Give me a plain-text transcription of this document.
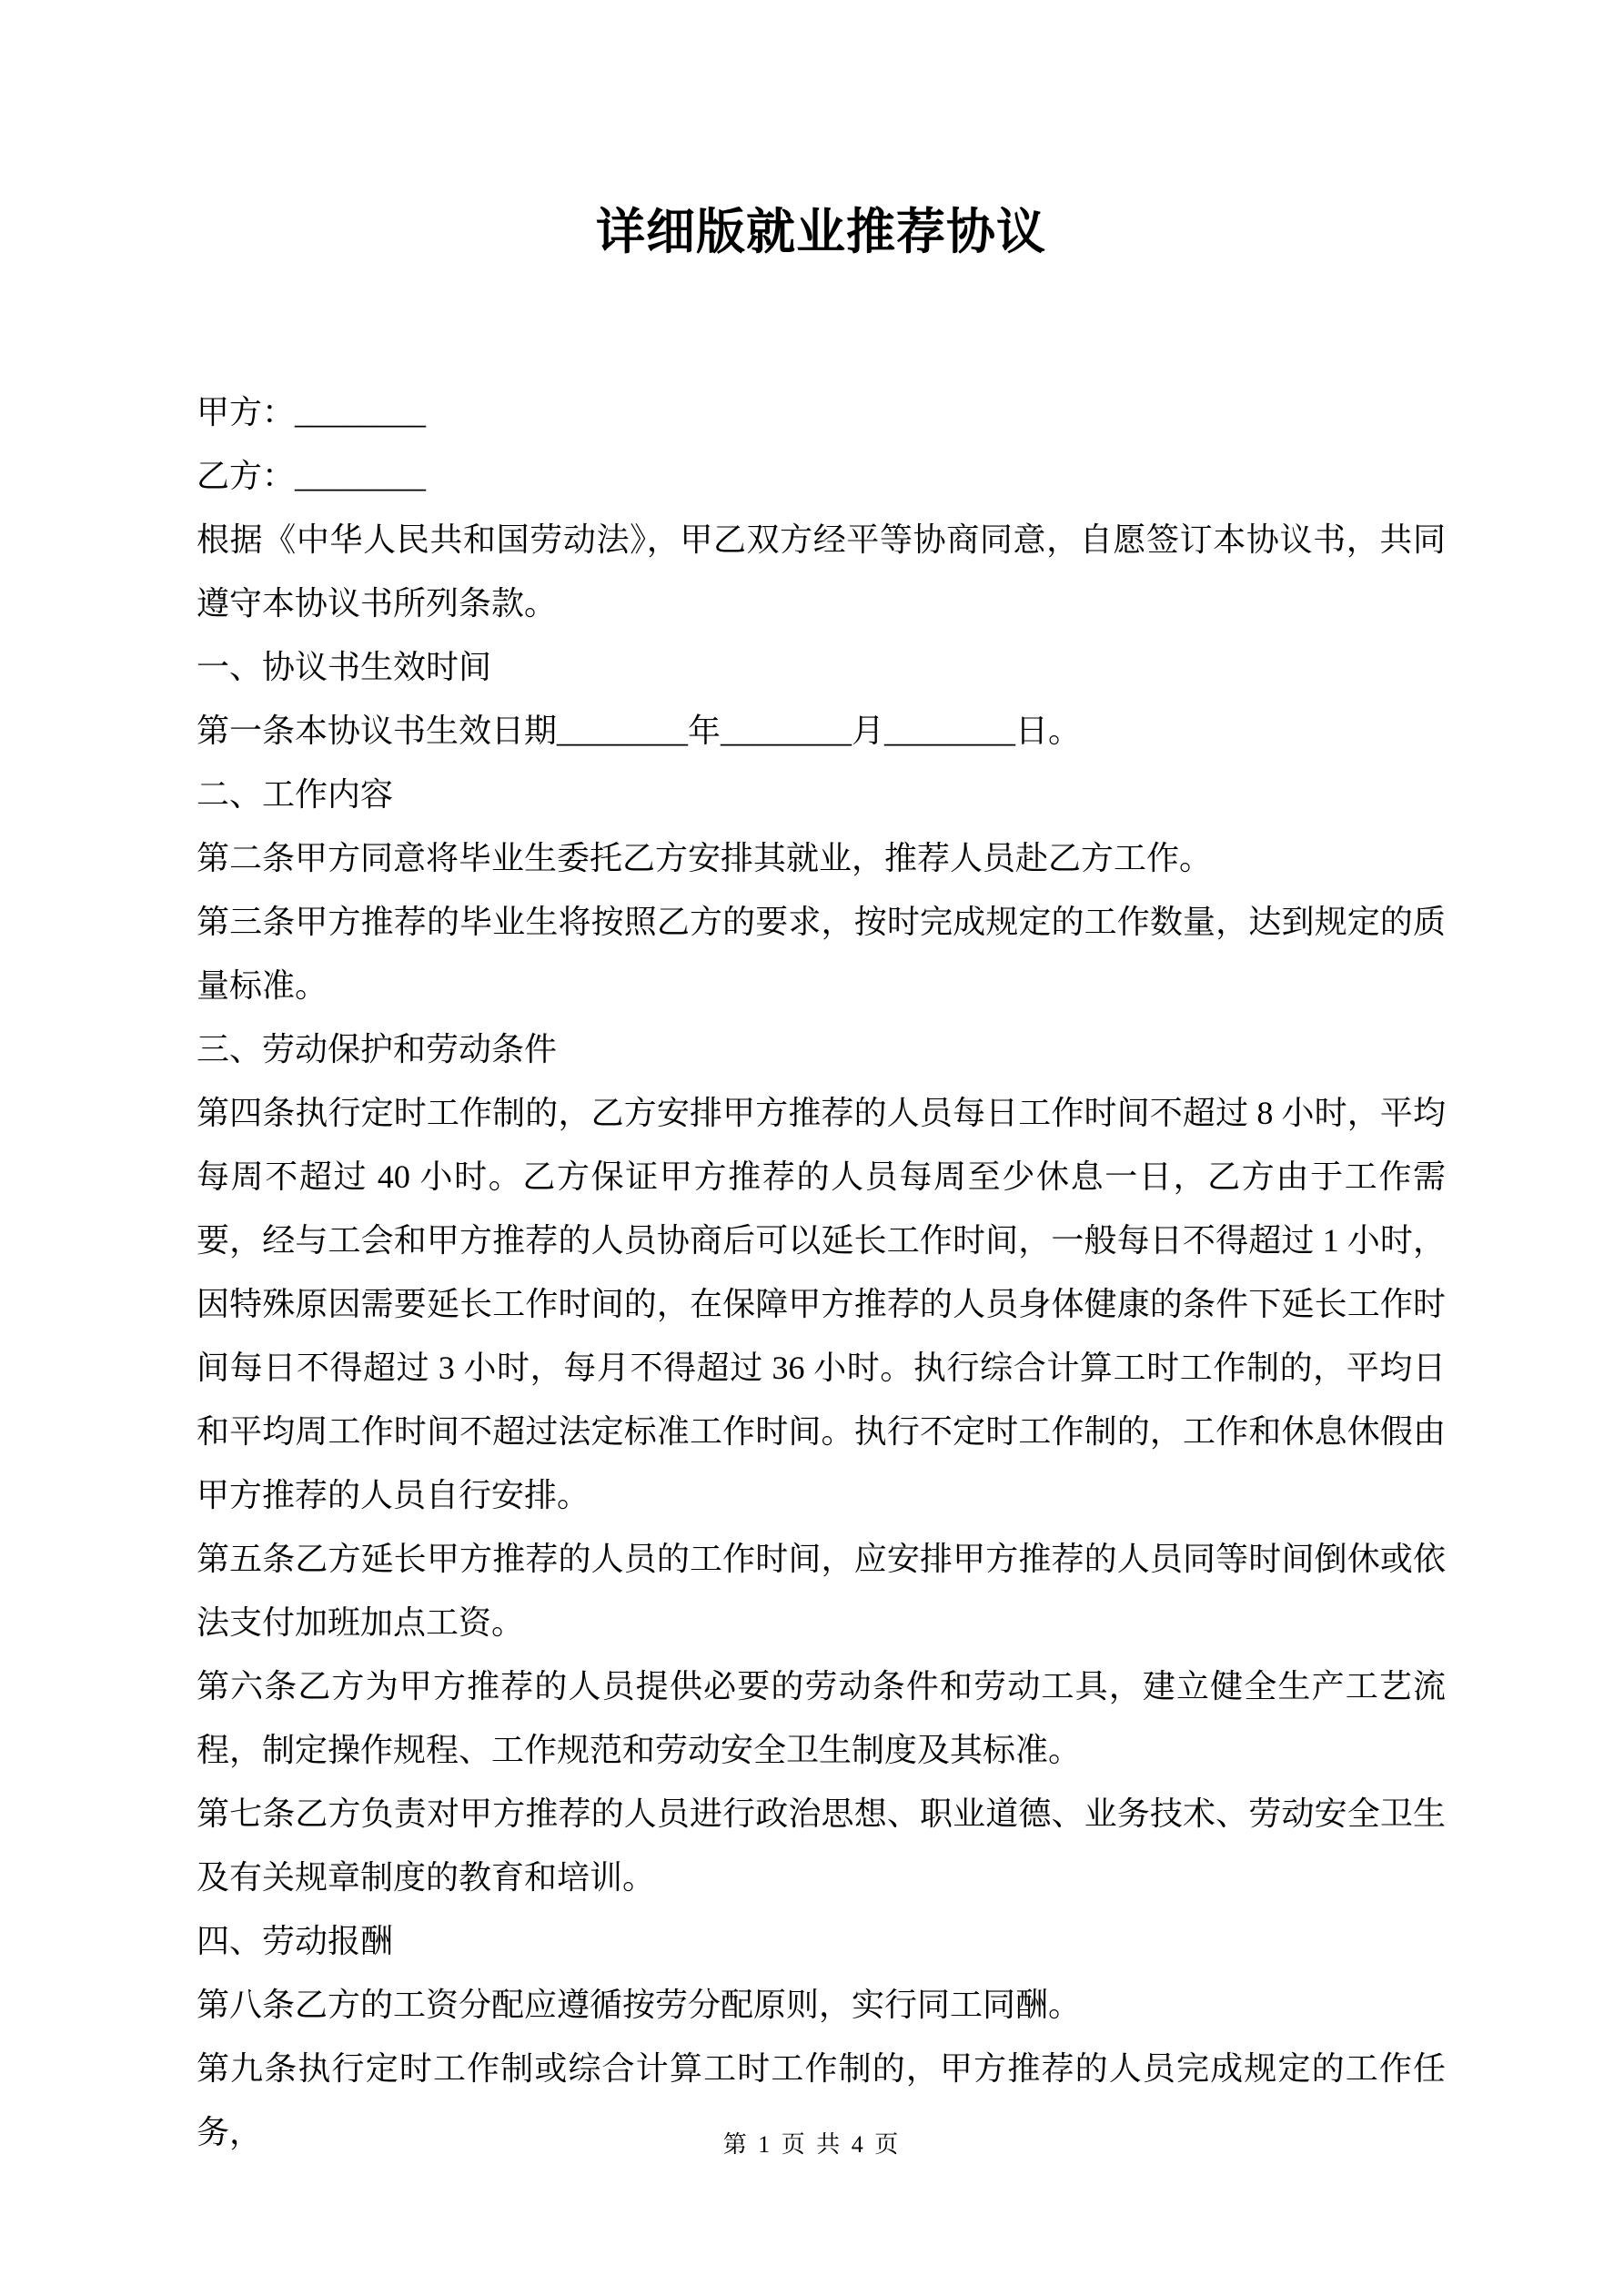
详细版就业推荐协议

甲方：________

乙方：________

根据《中华人民共和国劳动法》，甲乙双方经平等协商同意，自愿签订本协议书，共同遵守本协议书所列条款。

一、协议书生效时间

第一条本协议书生效日期________年________月________日。

二、工作内容

第二条甲方同意将毕业生委托乙方安排其就业，推荐人员赴乙方工作。

第三条甲方推荐的毕业生将按照乙方的要求，按时完成规定的工作数量，达到规定的质量标准。

三、劳动保护和劳动条件

第四条执行定时工作制的，乙方安排甲方推荐的人员每日工作时间不超过 8 小时，平均每周不超过 40 小时。乙方保证甲方推荐的人员每周至少休息一日，乙方由于工作需要，经与工会和甲方推荐的人员协商后可以延长工作时间，一般每日不得超过 1 小时，因特殊原因需要延长工作时间的，在保障甲方推荐的人员身体健康的条件下延长工作时间每日不得超过 3 小时，每月不得超过 36 小时。执行综合计算工时工作制的，平均日和平均周工作时间不超过法定标准工作时间。执行不定时工作制的，工作和休息休假由甲方推荐的人员自行安排。

第五条乙方延长甲方推荐的人员的工作时间，应安排甲方推荐的人员同等时间倒休或依法支付加班加点工资。

第六条乙方为甲方推荐的人员提供必要的劳动条件和劳动工具，建立健全生产工艺流程，制定操作规程、工作规范和劳动安全卫生制度及其标准。

第七条乙方负责对甲方推荐的人员进行政治思想、职业道德、业务技术、劳动安全卫生及有关规章制度的教育和培训。

四、劳动报酬

第八条乙方的工资分配应遵循按劳分配原则，实行同工同酬。

第九条执行定时工作制或综合计算工时工作制的，甲方推荐的人员完成规定的工作任务，	第 1 页 共 4 页
